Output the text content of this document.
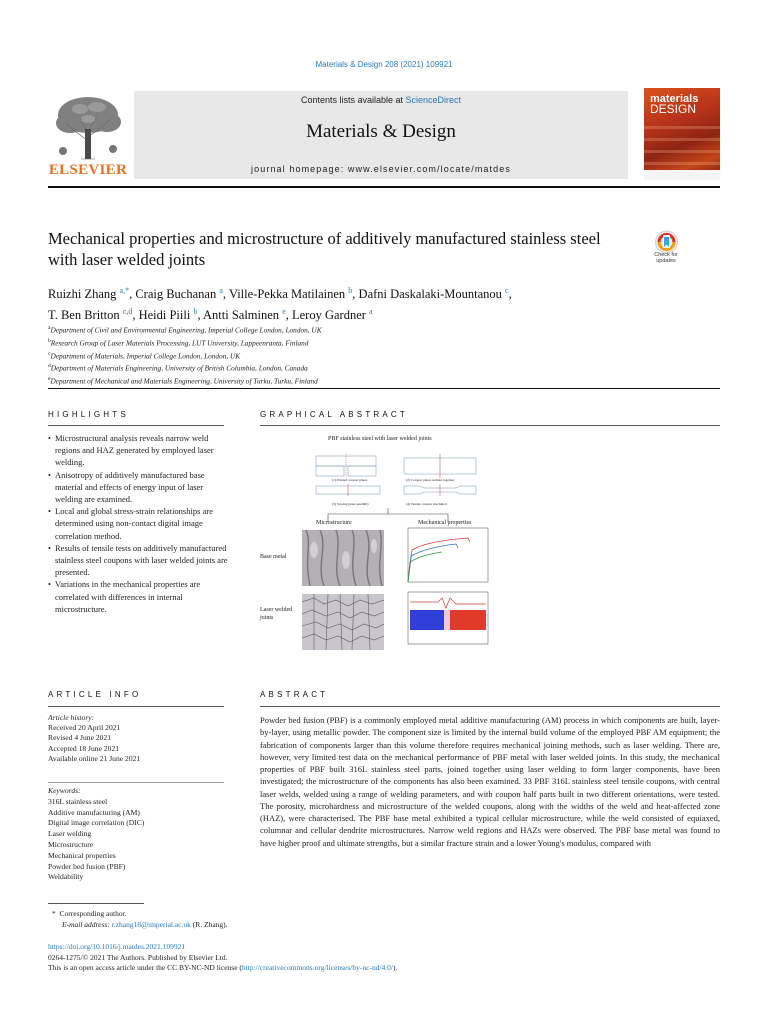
Materials & Design 208 (2021) 109921
ELSEVIER
Contents lists available at ScienceDirect
Materials & Design
journal homepage: www.elsevier.com/locate/matdes
materials
DESIGN
Mechanical properties and microstructure of additively manufactured stainless steel with laser welded joints	Check for updates
Ruizhi Zhang $^{a,*}$, Craig Buchanan $^a$, Ville-Pekka Matilainen $^b$, Dafni Daskalaki-Mountanou $^c$,
T. Ben Britton $^{c,d}$, Heidi Piili $^b$, Antti Salminen $^e$, Leroy Gardner $^a$
$^a$Department of Civil and Environmental Engineering, Imperial College London, London, UK
$^b$Research Group of Laser Materials Processing, LUT University, Lappeenranta, Finland
$^c$Department of Materials, Imperial College London, London, UK
$^d$Department of Materials Engineering, University of British Columbia, London, Canada
$^e$Department of Mechanical and Materials Engineering, University of Turku, Turku, Finland
HIGHLIGHTS
• Microstructural analysis reveals narrow weld regions and HAZ generated by employed laser welding.
• Anisotropy of additively manufactured base material and effects of energy input of laser welding are examined.
• Local and global stress-strain relationships are determined using non-contact digital image correlation method.
• Results of tensile tests on additively manufactured stainless steel coupons with laser welded joints are presented.
• Variations in the mechanical properties are correlated with differences in internal microstructure.
GRAPHICAL ABSTRACT
PBF stainless steel with laser welded joints
(1) Printed coupon plates	(2) Coupon plates welded together
(3) Sawing plate assembly	(4) Tensile coupon machined
Microstructure	Mechanical properties
Base metal
Laser welded
joints
ARTICLE INFO
Article history:
Received 20 April 2021
Revised 4 June 2021
Accepted 18 June 2021
Available online 21 June 2021
Keywords:
316L stainless steel
Additive manufacturing (AM)
Digital image correlation (DIC)
Laser welding
Microstructure
Mechanical properties
Powder bed fusion (PBF)
Weldability
ABSTRACT
Powder bed fusion (PBF) is a commonly employed metal additive manufacturing (AM) process in which components are built, layer-by-layer, using metallic powder. The component size is limited by the internal build volume of the employed PBF AM equipment; the fabrication of components larger than this volume therefore requires mechanical joining methods, such as laser welding. There are, however, very limited test data on the mechanical performance of PBF metal with laser welded joints. In this study, the mechanical properties of PBF built 316L stainless steel parts, joined together using laser welding to form larger components, have been investigated; the microstructure of the components has also been examined. 33 PBF 316L stainless steel tensile coupons, with central laser welds, welded using a range of welding parameters, and with coupon half parts built in two different orientations, were tested. The porosity, microhardness and microstructure of the welded coupons, along with the widths of the weld and heat-affected zone (HAZ), were characterised. The PBF base metal exhibited a typical cellular microstructure, while the weld consisted of equiaxed, columnar and cellular dendrite microstructures. Narrow weld regions and HAZs were observed. The PBF base metal was found to have higher proof and ultimate strengths, but a similar fracture strain and a lower Young's modulus, compared with
* Corresponding author.
E-mail address: r.zhang18@imperial.ac.uk (R. Zhang).
https://doi.org/10.1016/j.matdes.2021.109921
0264-1275/© 2021 The Authors. Published by Elsevier Ltd.
This is an open access article under the CC BY-NC-ND license (http://creativecommons.org/licenses/by-nc-nd/4.0/).
